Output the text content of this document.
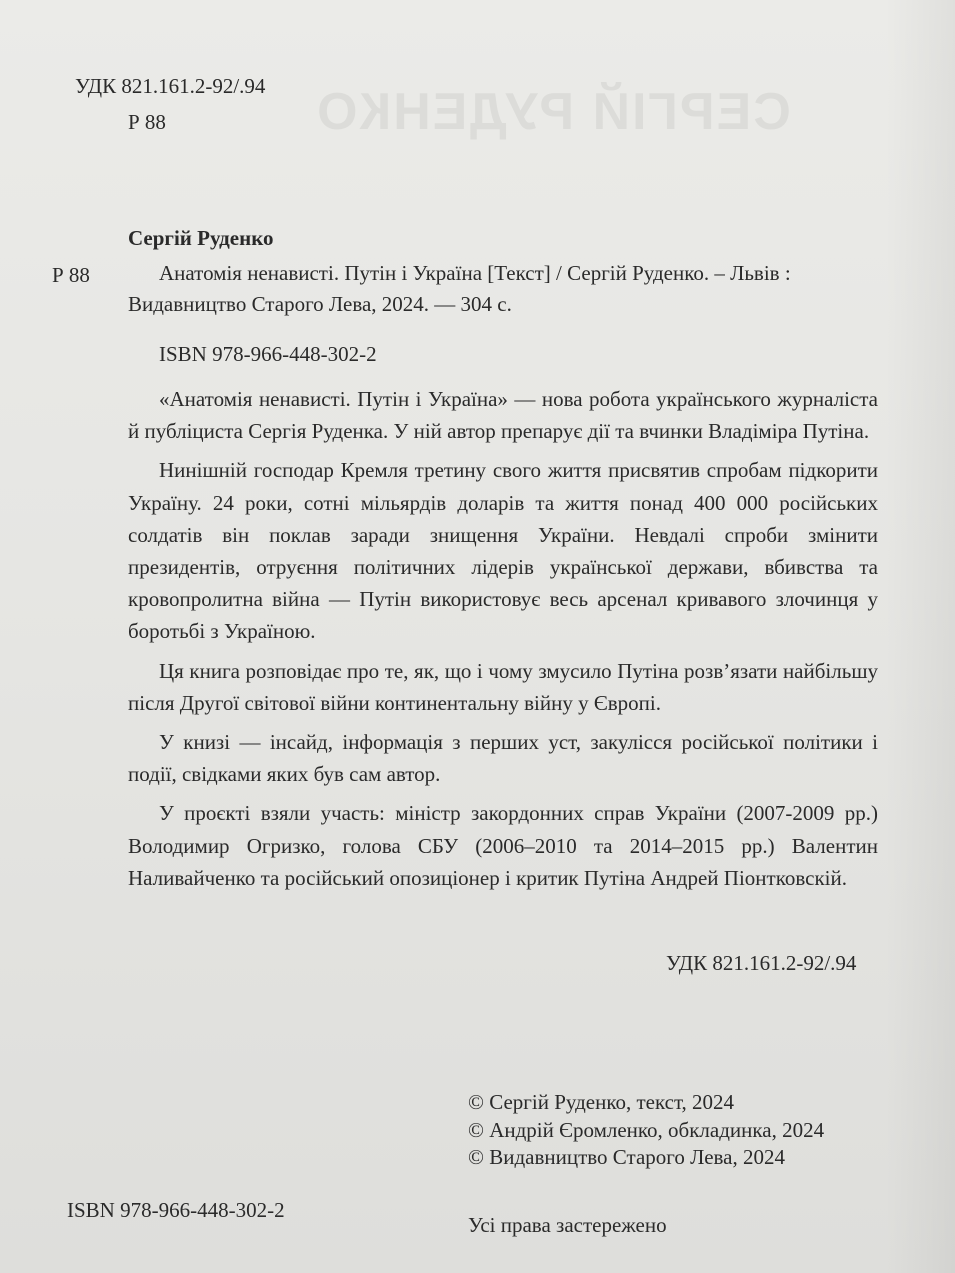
СЕРГІЙ РУДЕНКО
УДК 821.161.2-92/.94
Р 88
Сергій Руденко
Р 88	Анатомія ненависті. Путін і Україна [Текст] / Сергій Руденко. – Львів :
Видавництво Старого Лева, 2024. — 304 с.
ISBN 978-966-448-302-2

«Анатомія ненависті. Путін і Україна» — нова робота українського журналіста й публіциста Сергія Руденка. У ній автор препарує дії та вчинки Владіміра Путіна.

Нинішній господар Кремля третину свого життя присвятив спробам підкорити Україну. 24 роки, сотні мільярдів доларів та життя понад 400 000 російських солдатів він поклав заради знищення України. Невдалі спроби змінити президентів, отруєння політичних лідерів української держави, вбивства та кровопролитна війна — Путін використовує весь арсенал кривавого злочинця у боротьбі з Україною.

Ця книга розповідає про те, як, що і чому змусило Путіна розв’язати найбільшу після Другої світової війни континентальну війну у Європі.

У книзі — інсайд, інформація з перших уст, закулісся російської політики і події, свідками яких був сам автор.

У проєкті взяли участь: міністр закордонних справ України (2007-2009 рр.) Володимир Огризко, голова СБУ (2006–2010 та 2014–2015 рр.) Валентин Наливайченко та російський опозиціонер і критик Путіна Андрей Піонтковскій.

УДК 821.161.2-92/.94
© Сергій Руденко, текст, 2024
© Андрій Єромленко, обкладинка, 2024
© Видавництво Старого Лева, 2024
ISBN 978-966-448-302-2
Усі права застережено
